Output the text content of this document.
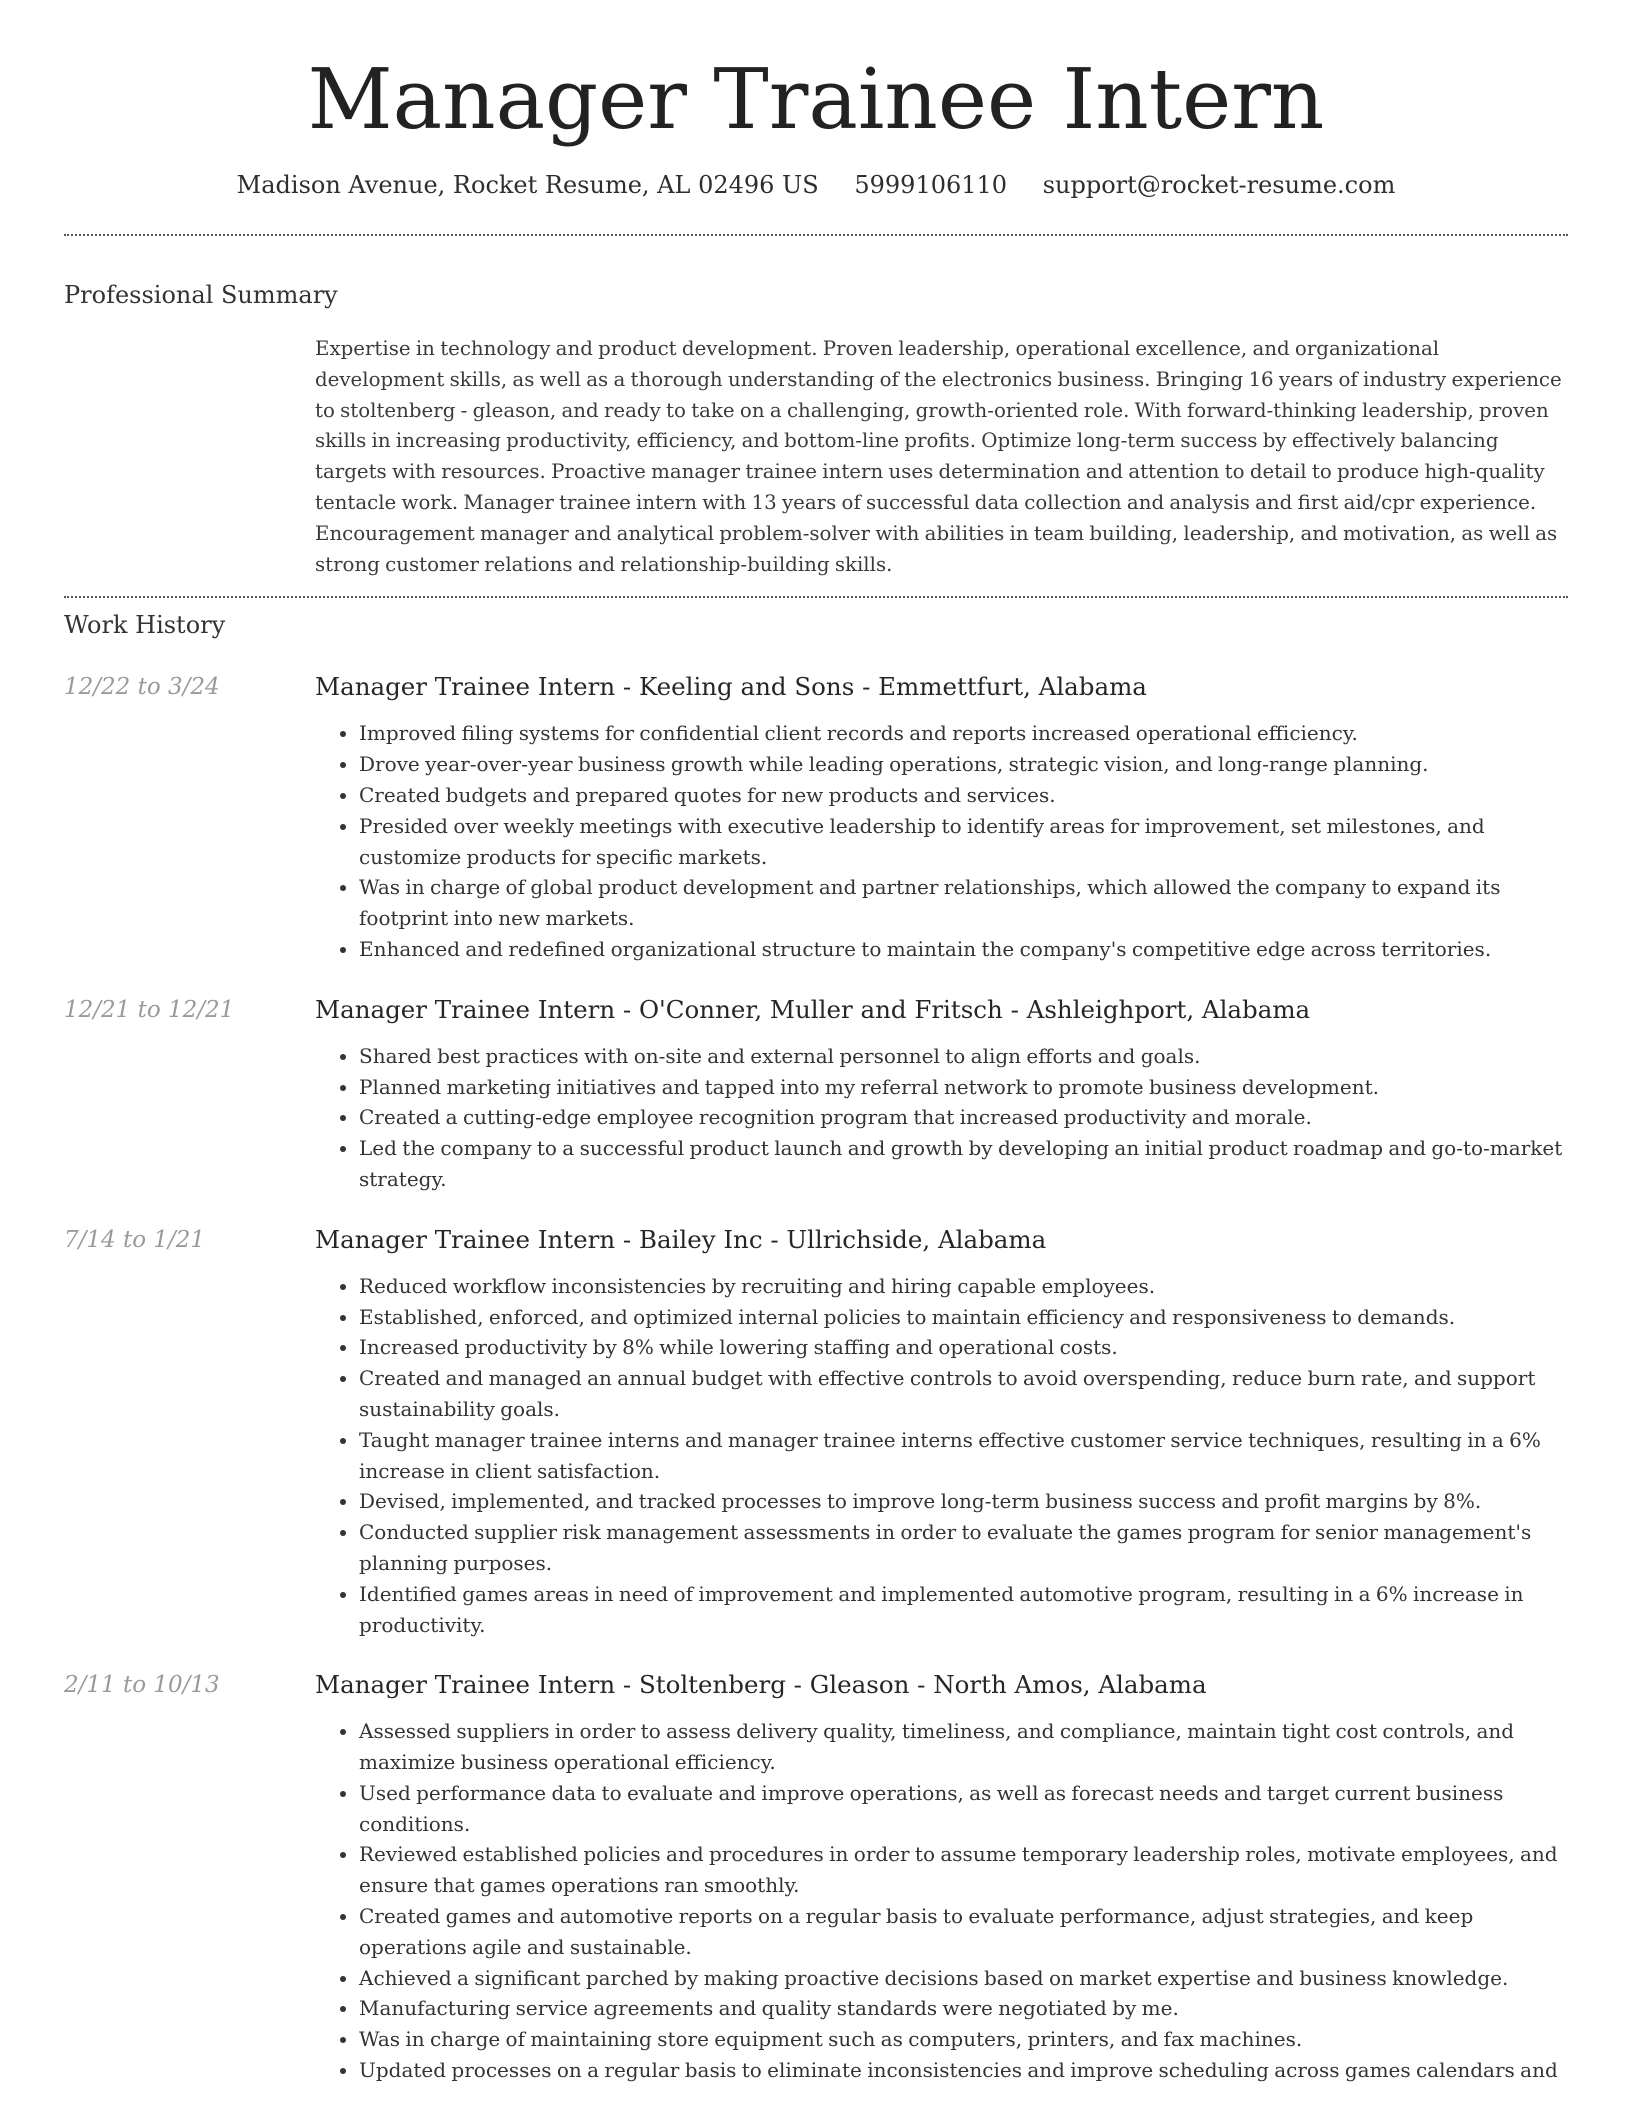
Manager Trainee Intern
Madison Avenue, Rocket Resume, AL 02496 US 5999106110 support@rocket-resume.com
Professional Summary

Expertise in technology and product development. Proven leadership, operational excellence, and organizational development skills, as well as a thorough understanding of the electronics business. Bringing 16 years of industry experience to stoltenberg - gleason, and ready to take on a challenging, growth-oriented role. With forward-thinking leadership, proven skills in increasing productivity, efficiency, and bottom-line profits. Optimize long-term success by effectively balancing targets with resources. Proactive manager trainee intern uses determination and attention to detail to produce high-quality tentacle work. Manager trainee intern with 13 years of successful data collection and analysis and first aid/cpr experience. Encouragement manager and analytical problem-solver with abilities in team building, leadership, and motivation, as well as strong customer relations and relationship-building skills.

Work History
12/22 to 3/24	Manager Trainee Intern - Keeling and Sons - Emmettfurt, Alabama
• Improved filing systems for confidential client records and reports increased operational efficiency.
• Drove year-over-year business growth while leading operations, strategic vision, and long-range planning.
• Created budgets and prepared quotes for new products and services.
• Presided over weekly meetings with executive leadership to identify areas for improvement, set milestones, and customize products for specific markets.
• Was in charge of global product development and partner relationships, which allowed the company to expand its footprint into new markets.
• Enhanced and redefined organizational structure to maintain the company's competitive edge across territories.
12/21 to 12/21	Manager Trainee Intern - O'Conner, Muller and Fritsch - Ashleighport, Alabama
• Shared best practices with on-site and external personnel to align efforts and goals.
• Planned marketing initiatives and tapped into my referral network to promote business development.
• Created a cutting-edge employee recognition program that increased productivity and morale.
• Led the company to a successful product launch and growth by developing an initial product roadmap and go-to-market strategy.
7/14 to 1/21	Manager Trainee Intern - Bailey Inc - Ullrichside, Alabama
• Reduced workflow inconsistencies by recruiting and hiring capable employees.
• Established, enforced, and optimized internal policies to maintain efficiency and responsiveness to demands.
• Increased productivity by 8% while lowering staffing and operational costs.
• Created and managed an annual budget with effective controls to avoid overspending, reduce burn rate, and support sustainability goals.
• Taught manager trainee interns and manager trainee interns effective customer service techniques, resulting in a 6% increase in client satisfaction.
• Devised, implemented, and tracked processes to improve long-term business success and profit margins by 8%.
• Conducted supplier risk management assessments in order to evaluate the games program for senior management's planning purposes.
• Identified games areas in need of improvement and implemented automotive program, resulting in a 6% increase in productivity.
2/11 to 10/13	Manager Trainee Intern - Stoltenberg - Gleason - North Amos, Alabama
• Assessed suppliers in order to assess delivery quality, timeliness, and compliance, maintain tight cost controls, and maximize business operational efficiency.
• Used performance data to evaluate and improve operations, as well as forecast needs and target current business conditions.
• Reviewed established policies and procedures in order to assume temporary leadership roles, motivate employees, and ensure that games operations ran smoothly.
• Created games and automotive reports on a regular basis to evaluate performance, adjust strategies, and keep operations agile and sustainable.
• Achieved a significant parched by making proactive decisions based on market expertise and business knowledge.
• Manufacturing service agreements and quality standards were negotiated by me.
• Was in charge of maintaining store equipment such as computers, printers, and fax machines.
• Updated processes on a regular basis to eliminate inconsistencies and improve scheduling across games calendars and
